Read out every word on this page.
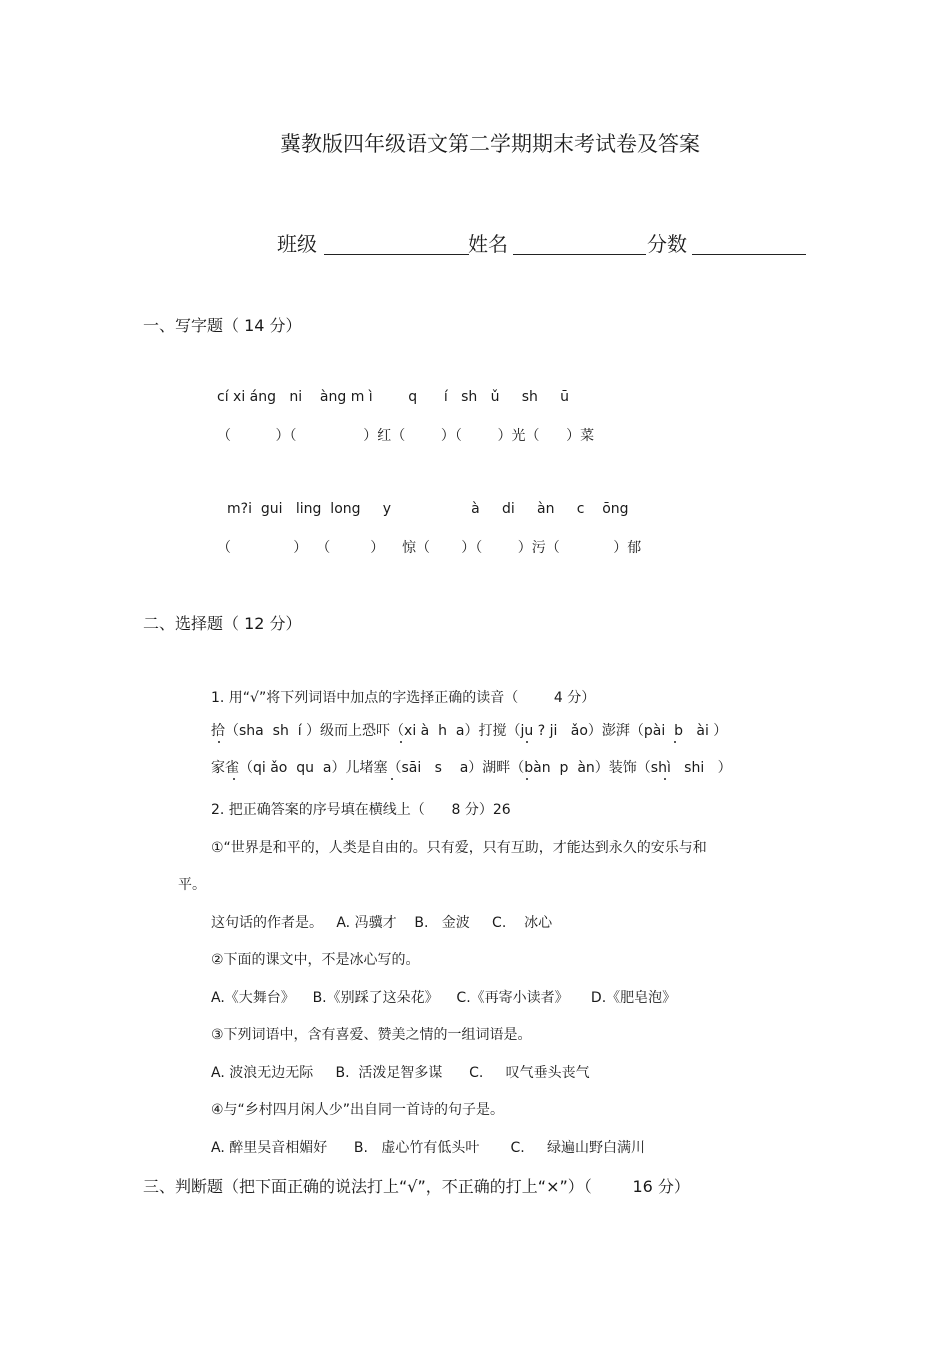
冀教版四年级语文第二学期期末考试卷及答案
班级	姓名	分数
一、写字题（ 14 分）
cí xi áng   ni    àng m ì        q      í   sh   ǔ     sh     ū
（          ）（               ）红（        ）（        ）光（      ）菜
m?i  gui   ling  long     y                  à     di     àn     c    ōng
（              ）  （         ）    惊（       ）（        ）污（            ）郁
二、选择题（ 12 分）
1. 用“√”将下列词语中加点的字选择正确的读音（        4 分）
拾（sha  sh  í ）级而上恐吓（xi à  h  a）打搅（ju ? ji   ǎo）澎湃（pài  b   ài ）
家雀（qi ǎo  qu  a）儿堵塞（sāi   s    a）湖畔（bàn  p  àn）装饰（shì   shi   ）
2. 把正确答案的序号填在横线上（      8 分）26
①“世界是和平的，人类是自由的。只有爱，只有互助，才能达到永久的安乐与和
平。
这句话的作者是。   A. 冯骥才    B.   金波     C.    冰心
②下面的课文中，不是冰心写的。
A.《大舞台》    B.《别踩了这朵花》    C.《再寄小读者》     D.《肥皂泡》
③下列词语中，含有喜爱、赞美之情的一组词语是。
A. 波浪无边无际     B.  活泼足智多谋      C.     叹气垂头丧气
④与“乡村四月闲人少”出自同一首诗的句子是。
A. 醉里吴音相媚好      B.   虚心竹有低头叶       C.     绿遍山野白满川
三、判断题（把下面正确的说法打上“√”，不正确的打上“×”）（        16 分）
